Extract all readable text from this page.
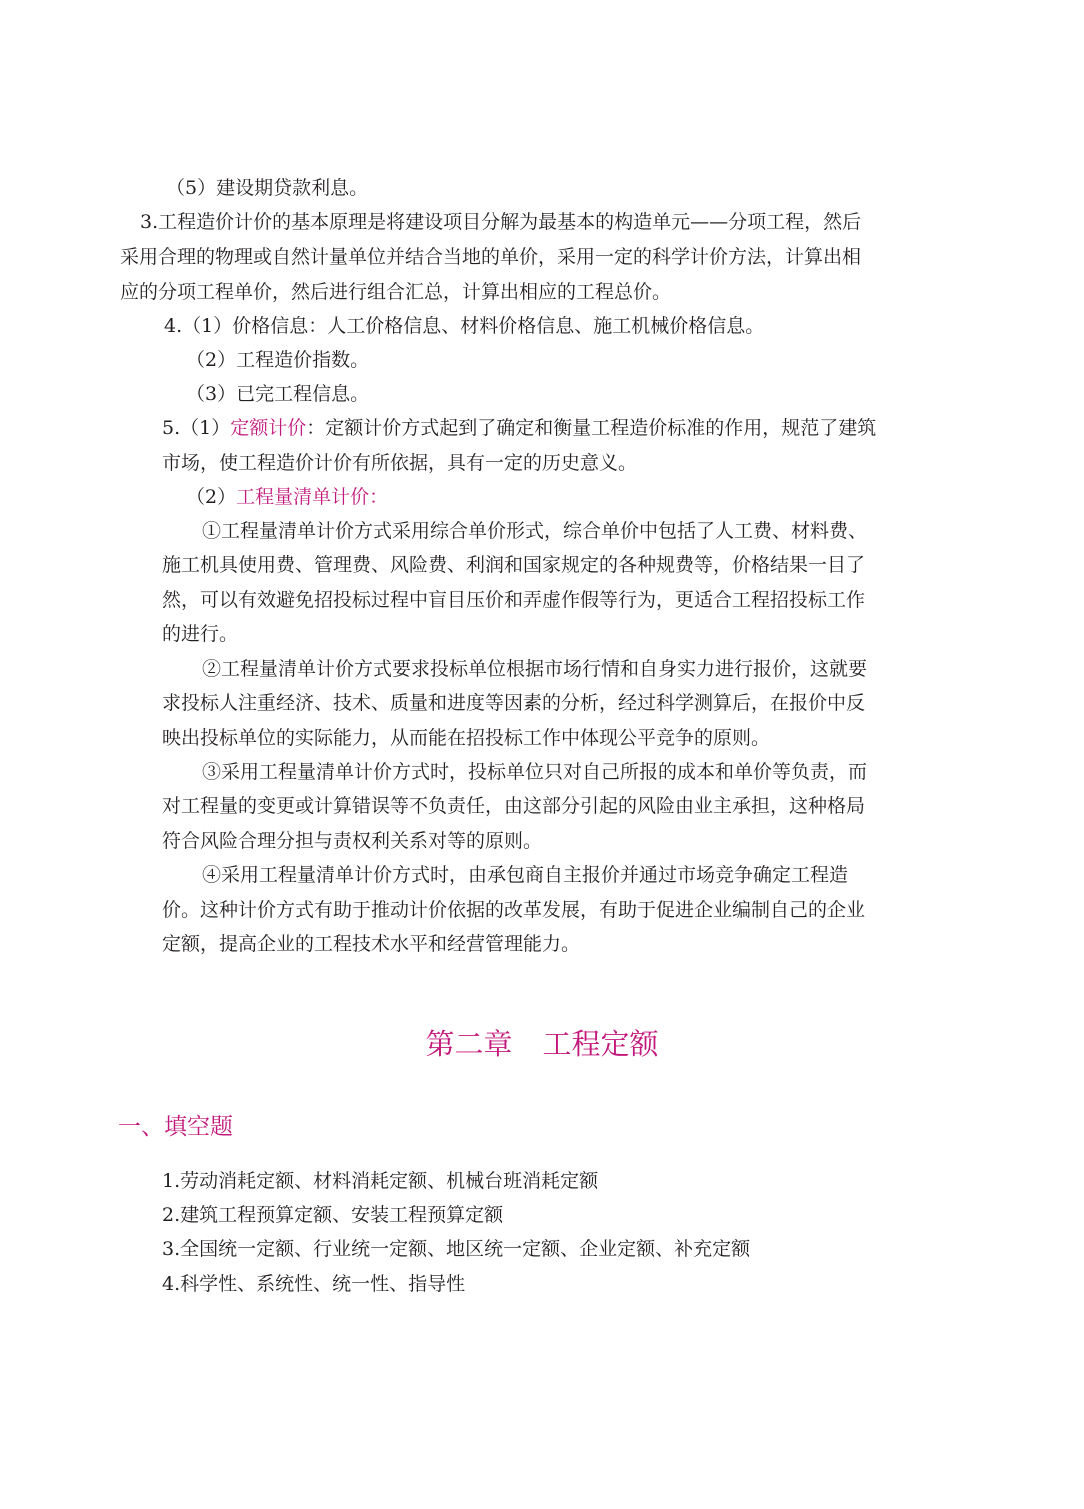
（5）建设期贷款利息。
3.工程造价计价的基本原理是将建设项目分解为最基本的构造单元——分项工程，然后
采用合理的物理或自然计量单位并结合当地的单价，采用一定的科学计价方法，计算出相
应的分项工程单价，然后进行组合汇总，计算出相应的工程总价。
4.（1）价格信息：人工价格信息、材料价格信息、施工机械价格信息。
（2）工程造价指数。
（3）已完工程信息。
5.（1）定额计价：定额计价方式起到了确定和衡量工程造价标准的作用，规范了建筑
市场，使工程造价计价有所依据，具有一定的历史意义。
（2）工程量清单计价：
①工程量清单计价方式采用综合单价形式，综合单价中包括了人工费、材料费、
施工机具使用费、管理费、风险费、利润和国家规定的各种规费等，价格结果一目了
然，可以有效避免招投标过程中盲目压价和弄虚作假等行为，更适合工程招投标工作
的进行。
②工程量清单计价方式要求投标单位根据市场行情和自身实力进行报价，这就要
求投标人注重经济、技术、质量和进度等因素的分析，经过科学测算后，在报价中反
映出投标单位的实际能力，从而能在招投标工作中体现公平竞争的原则。
③采用工程量清单计价方式时，投标单位只对自己所报的成本和单价等负责，而
对工程量的变更或计算错误等不负责任，由这部分引起的风险由业主承担，这种格局
符合风险合理分担与责权利关系对等的原则。
④采用工程量清单计价方式时，由承包商自主报价并通过市场竞争确定工程造
价。这种计价方式有助于推动计价依据的改革发展，有助于促进企业编制自己的企业
定额，提高企业的工程技术水平和经营管理能力。
第二章 工程定额
一、填空题
1.劳动消耗定额、材料消耗定额、机械台班消耗定额
2.建筑工程预算定额、安装工程预算定额
3.全国统一定额、行业统一定额、地区统一定额、企业定额、补充定额
4.科学性、系统性、统一性、指导性
